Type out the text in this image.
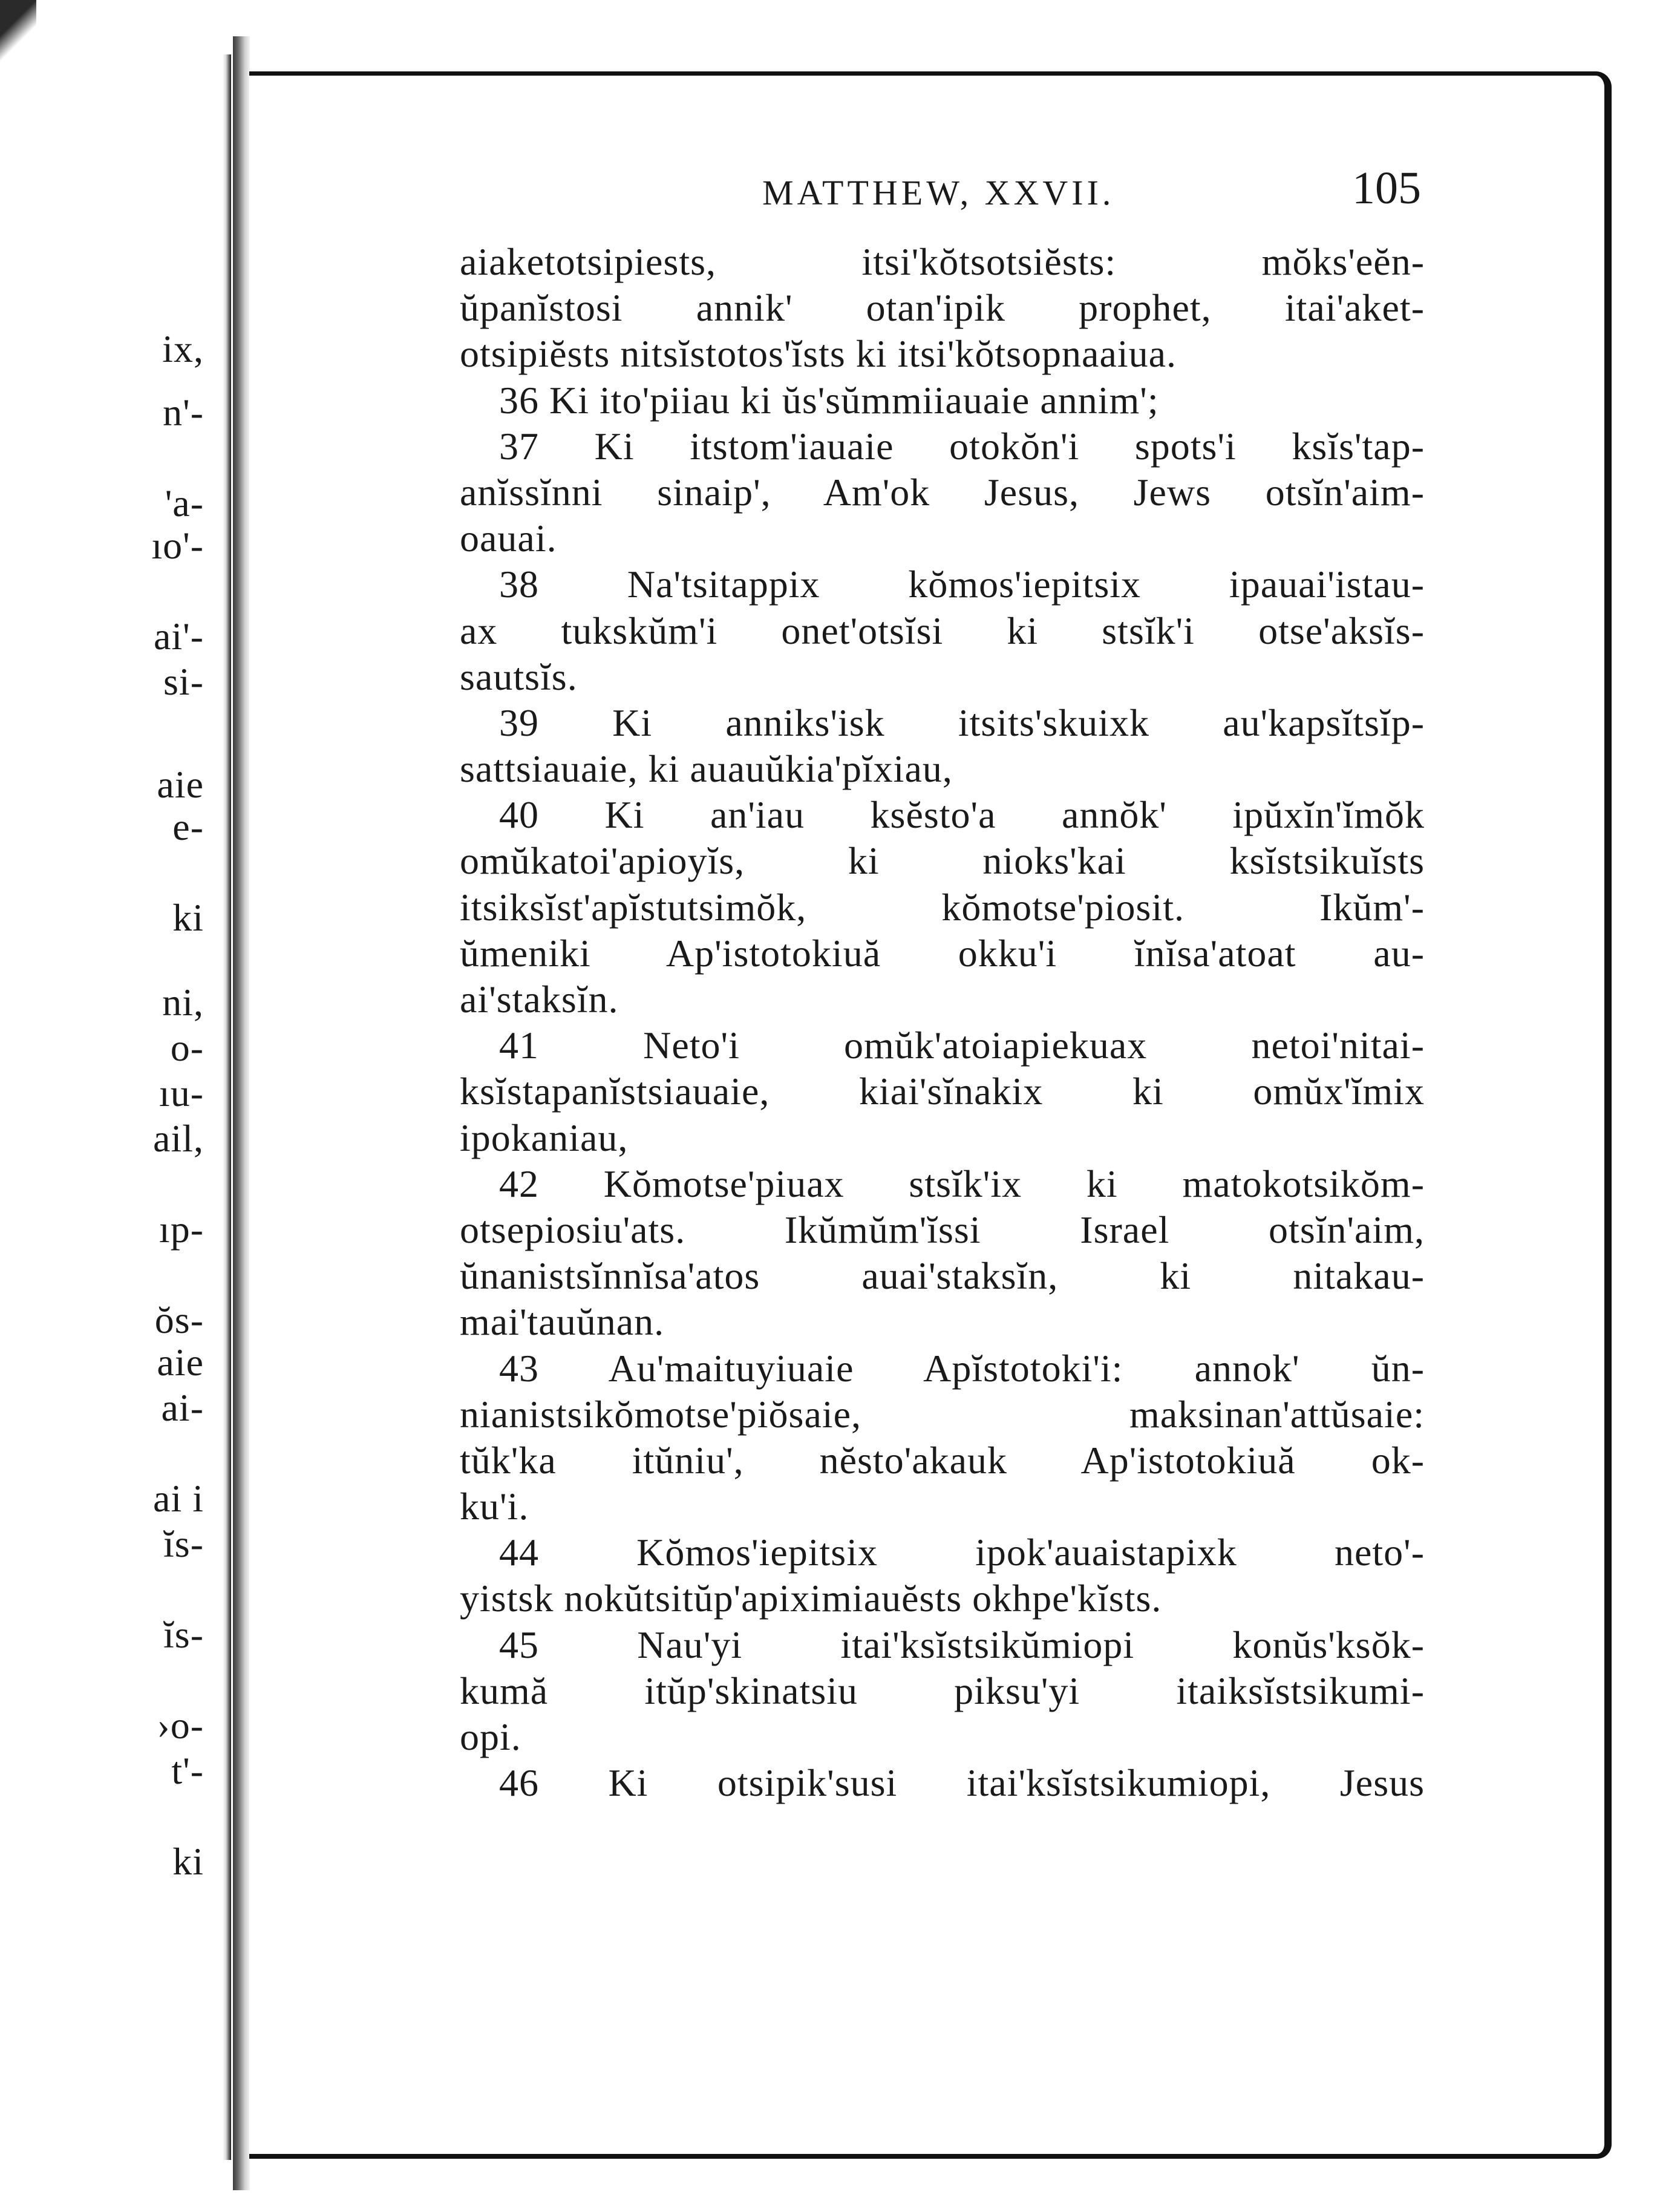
ix,
n'-
'a-
ıo'-
ai'-
si-
aie
e-
ki
ni,
o-
ıu-
ail,
ıp-
ŏs-
aie
ai-
ai i
ĭs-
ĭs-
›o-
t'-
ki
MATTHEW, XXVII.	105
aiaketotsipiests, itsi'kŏtsotsiĕsts: mŏks'eĕn-
ŭpanĭstosi annik' otan'ipik prophet, itai'aket-
otsipiĕsts nitsĭstotos'ĭsts ki itsi'kŏtsopnaaiua.
36 Ki ito'piiau ki ŭs'sŭmmiiauaie annim';
37 Ki itstom'iauaie otokŏn'i spots'i ksĭs'tap-
anĭssĭnni sinaip', Am'ok Jesus, Jews otsĭn'aim-
oauai.
38 Na'tsitappix kŏmos'iepitsix ipauai'istau-
ax tukskŭm'i onet'otsĭsi ki stsĭk'i otse'aksĭs-
sautsĭs.
39 Ki anniks'isk itsits'skuixk au'kapsĭtsĭp-
sattsiauaie, ki auauŭkia'pĭxiau,
40 Ki an'iau ksĕsto'a annŏk' ipŭxĭn'ĭmŏk
omŭkatoi'apioyĭs, ki nioks'kai ksĭstsikuĭsts
itsiksĭst'apĭstutsimŏk, kŏmotse'piosit. Ikŭm'-
ŭmeniki Ap'istotokiuă okku'i ĭnĭsa'atoat au-
ai'staksĭn.
41 Neto'i omŭk'atoiapiekuax netoi'nitai-
ksĭstapanĭstsiauaie, kiai'sĭnakix ki omŭx'ĭmix
ipokaniau,
42 Kŏmotse'piuax stsĭk'ix ki matokotsikŏm-
otsepiosiu'ats. Ikŭmŭm'ĭssi Israel otsĭn'aim,
ŭnanistsĭnnĭsa'atos auai'staksĭn, ki nitakau-
mai'tauŭnan.
43 Au'maituyiuaie Apĭstotoki'i: annok' ŭn-
nianistsikŏmotse'piŏsaie, maksinan'attŭsaie:
tŭk'ka itŭniu', nĕsto'akauk Ap'istotokiuă ok-
ku'i.
44 Kŏmos'iepitsix ipok'auaistapixk neto'-
yistsk nokŭtsitŭp'apiximiauĕsts okhpe'kĭsts.
45 Nau'yi itai'ksĭstsikŭmiopi konŭs'ksŏk-
kumă itŭp'skinatsiu piksu'yi itaiksĭstsikumi-
opi.
46 Ki otsipik'susi itai'ksĭstsikumiopi, Jesus
